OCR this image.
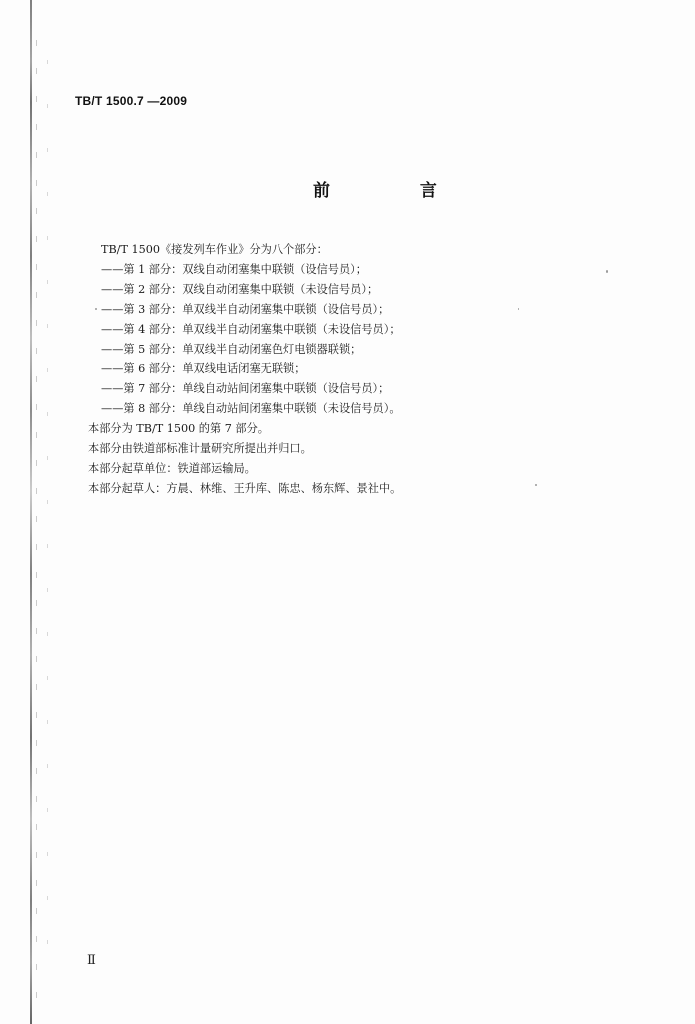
TB/T 1500.7 —2009
前 言

TB/T 1500《接发列车作业》分为八个部分：

——第 1 部分：双线自动闭塞集中联锁（设信号员）；

——第 2 部分：双线自动闭塞集中联锁（未设信号员）；

——第 3 部分：单双线半自动闭塞集中联锁（设信号员）；

——第 4 部分：单双线半自动闭塞集中联锁（未设信号员）；

——第 5 部分：单双线半自动闭塞色灯电锁器联锁；

——第 6 部分：单双线电话闭塞无联锁；

——第 7 部分：单线自动站间闭塞集中联锁（设信号员）；

——第 8 部分：单线自动站间闭塞集中联锁（未设信号员）。

本部分为 TB/T 1500 的第 7 部分。

本部分由铁道部标准计量研究所提出并归口。

本部分起草单位：铁道部运输局。

本部分起草人：方晨、林维、王升库、陈忠、杨东辉、景社中。

Ⅱ
